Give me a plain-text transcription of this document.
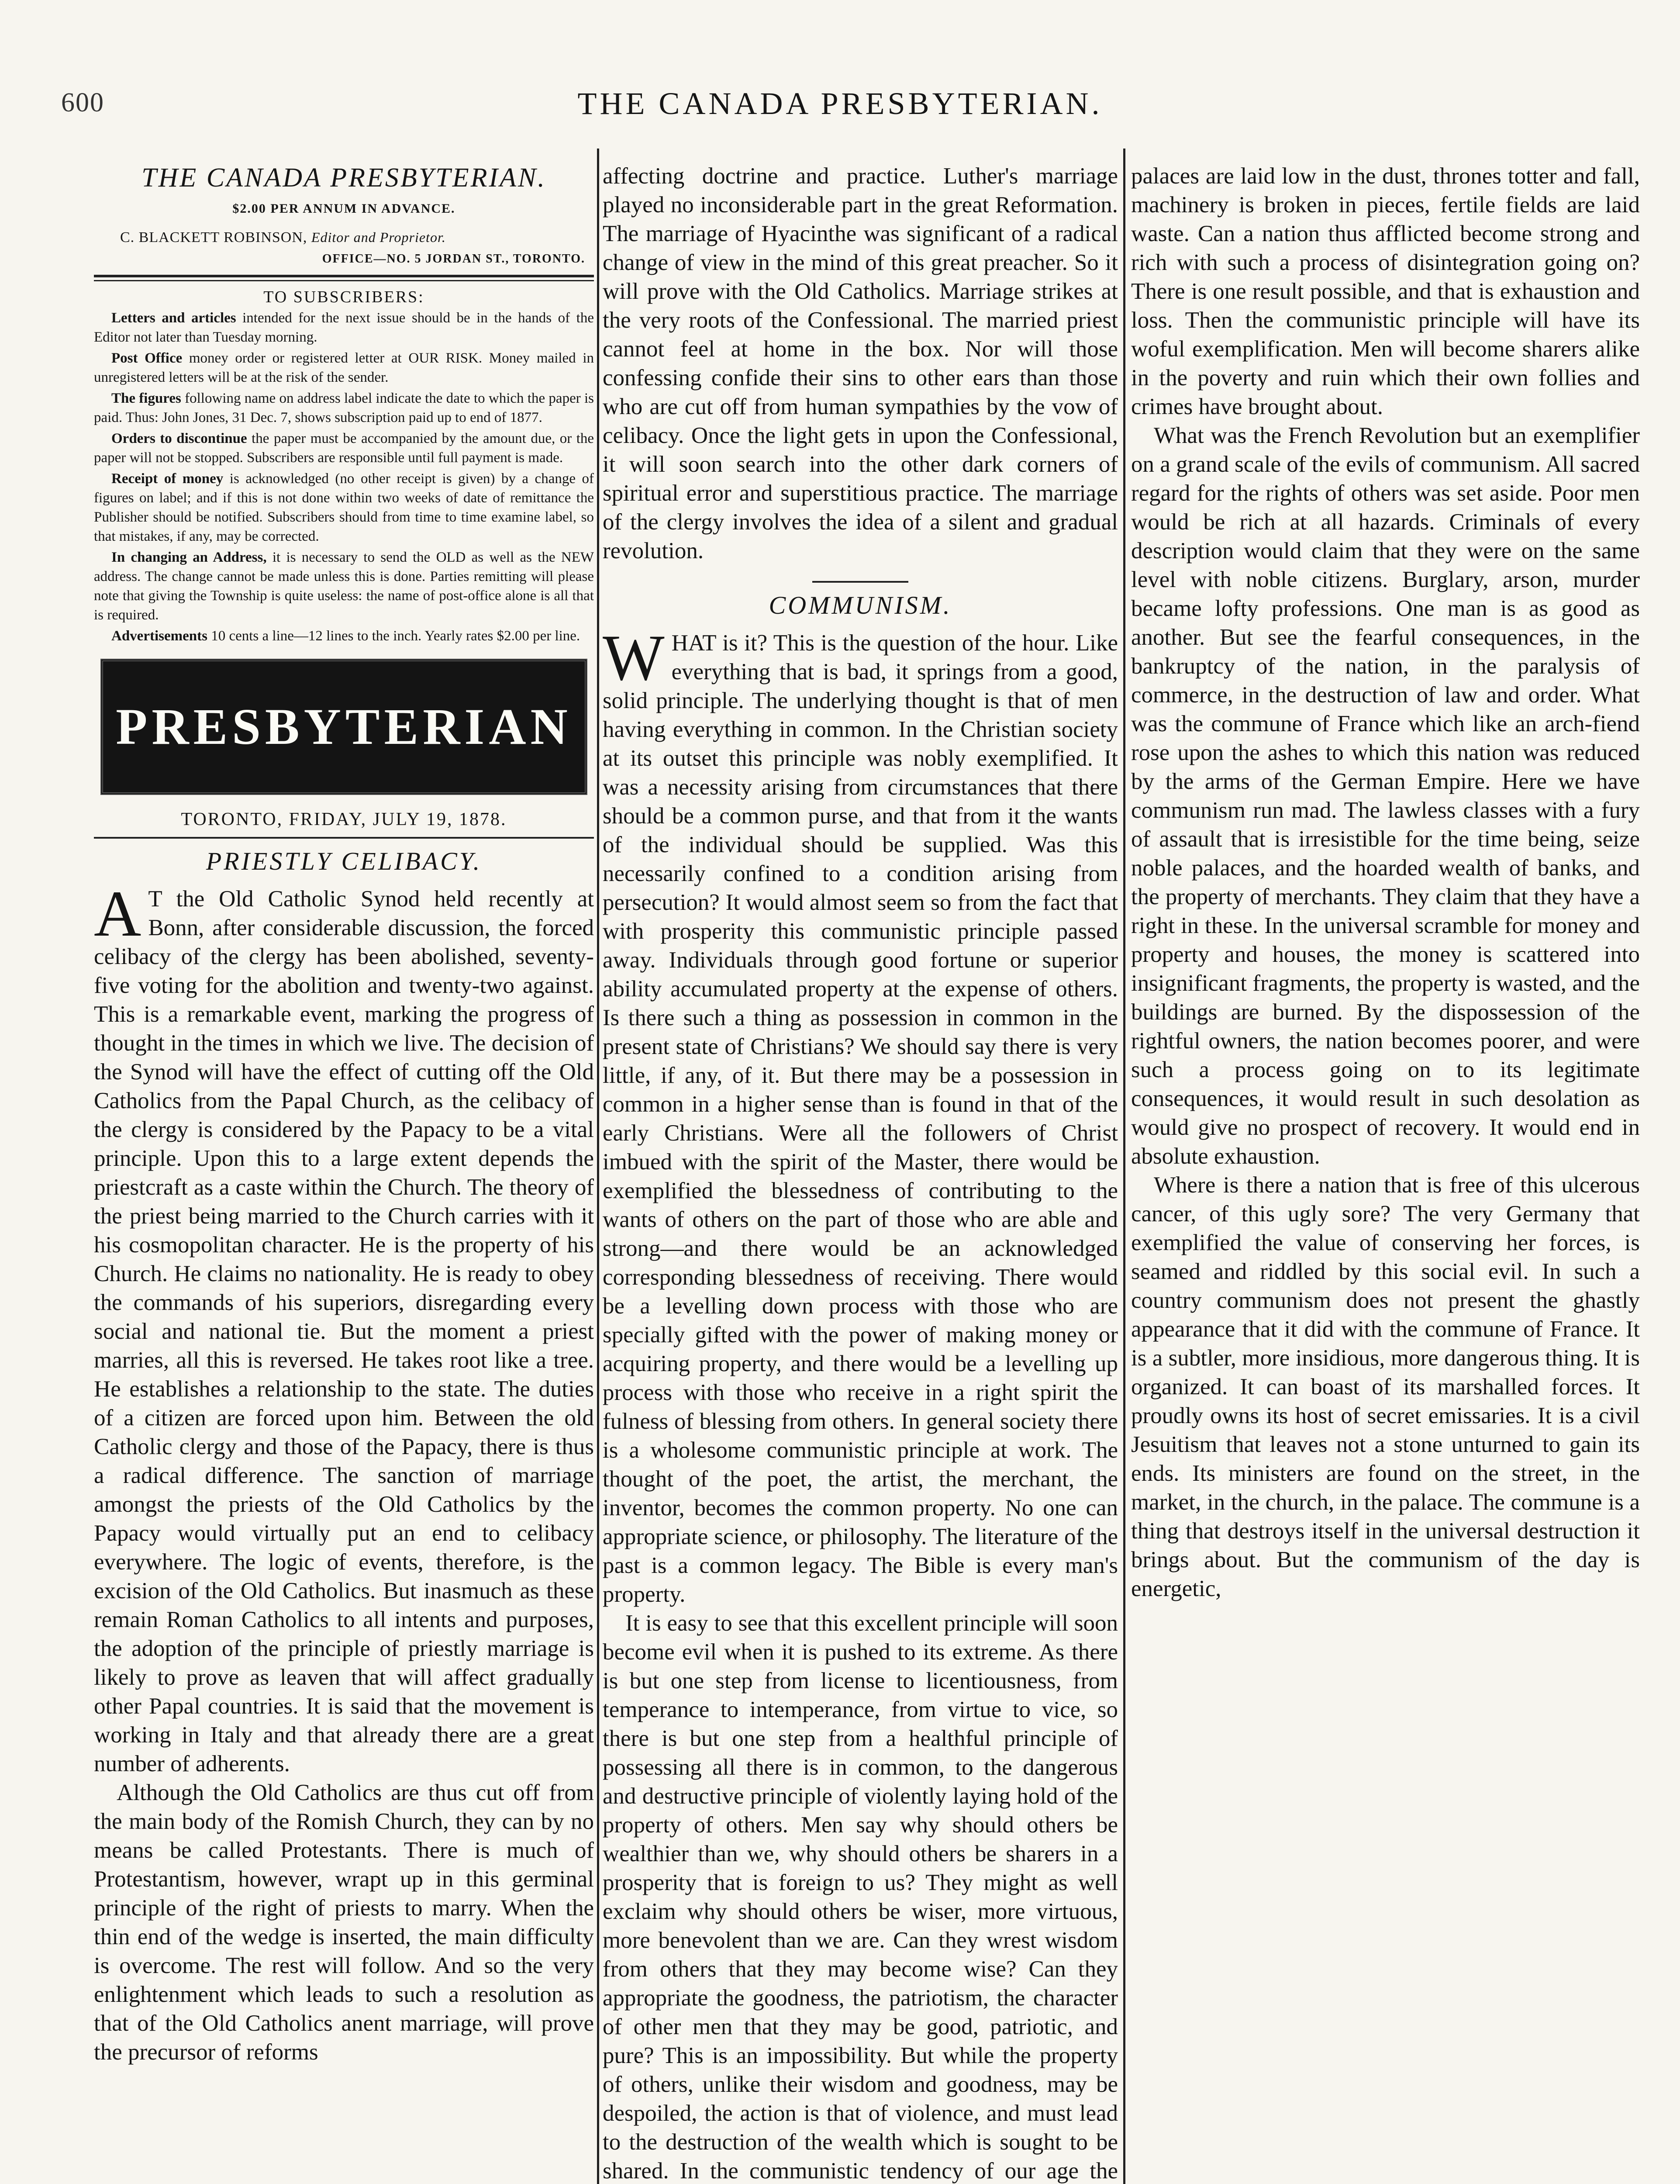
600	THE CANADA PRESBYTERIAN.
THE CANADA PRESBYTERIAN.
$2.00 PER ANNUM IN ADVANCE.
C. BLACKETT ROBINSON, Editor and Proprietor.
OFFICE—NO. 5 JORDAN ST., TORONTO.
TO SUBSCRIBERS:

Letters and articles intended for the next issue should be in the hands of the Editor not later than Tuesday morning.

Post Office money order or registered letter at OUR RISK. Money mailed in unregistered letters will be at the risk of the sender.

The figures following name on address label indicate the date to which the paper is paid. Thus: John Jones, 31 Dec. 7, shows subscription paid up to end of 1877.

Orders to discontinue the paper must be accompanied by the amount due, or the paper will not be stopped. Subscribers are responsible until full payment is made.

Receipt of money is acknowledged (no other receipt is given) by a change of figures on label; and if this is not done within two weeks of date of remittance the Publisher should be notified. Subscribers should from time to time examine label, so that mistakes, if any, may be corrected.

In changing an Address, it is necessary to send the OLD as well as the NEW address. The change cannot be made unless this is done. Parties remitting will please note that giving the Township is quite useless: the name of post-office alone is all that is required.

Advertisements 10 cents a line—12 lines to the inch. Yearly rates $2.00 per line.

PRESBYTERIAN
TORONTO, FRIDAY, JULY 19, 1878.
PRIESTLY CELIBACY.

A T the Old Catholic Synod held recently at Bonn, after considerable discussion, the forced celibacy of the clergy has been abolished, seventy-five voting for the abolition and twenty-two against. This is a remarkable event, marking the progress of thought in the times in which we live. The decision of the Synod will have the effect of cutting off the Old Catholics from the Papal Church, as the celibacy of the clergy is considered by the Papacy to be a vital principle. Upon this to a large extent depends the priestcraft as a caste within the Church. The theory of the priest being married to the Church carries with it his cosmopolitan character. He is the property of his Church. He claims no nationality. He is ready to obey the commands of his superiors, disregarding every social and national tie. But the moment a priest marries, all this is reversed. He takes root like a tree. He establishes a relationship to the state. The duties of a citizen are forced upon him. Between the old Catholic clergy and those of the Papacy, there is thus a radical difference. The sanction of marriage amongst the priests of the Old Catholics by the Papacy would virtually put an end to celibacy everywhere. The logic of events, therefore, is the excision of the Old Catholics. But inasmuch as these remain Roman Catholics to all intents and purposes, the adoption of the principle of priestly marriage is likely to prove as leaven that will affect gradually other Papal countries. It is said that the movement is working in Italy and that already there are a great number of adherents.

Although the Old Catholics are thus cut off from the main body of the Romish Church, they can by no means be called Protestants. There is much of Protestantism, however, wrapt up in this germinal principle of the right of priests to marry. When the thin end of the wedge is inserted, the main difficulty is overcome. The rest will follow. And so the very enlightenment which leads to such a resolution as that of the Old Catholics anent marriage, will prove the precursor of reforms

affecting doctrine and practice. Luther's marriage played no inconsiderable part in the great Reformation. The marriage of Hyacinthe was significant of a radical change of view in the mind of this great preacher. So it will prove with the Old Catholics. Marriage strikes at the very roots of the Confessional. The married priest cannot feel at home in the box. Nor will those confessing confide their sins to other ears than those who are cut off from human sympathies by the vow of celibacy. Once the light gets in upon the Confessional, it will soon search into the other dark corners of spiritual error and superstitious practice. The marriage of the clergy involves the idea of a silent and gradual revolution.

COMMUNISM.

WHAT is it? This is the question of the hour. Like everything that is bad, it springs from a good, solid principle. The underlying thought is that of men having everything in common. In the Christian society at its outset this principle was nobly exemplified. It was a necessity arising from circumstances that there should be a common purse, and that from it the wants of the individual should be supplied. Was this necessarily confined to a condition arising from persecution? It would almost seem so from the fact that with prosperity this communistic principle passed away. Individuals through good fortune or superior ability accumulated property at the expense of others. Is there such a thing as possession in common in the present state of Christians? We should say there is very little, if any, of it. But there may be a possession in common in a higher sense than is found in that of the early Christians. Were all the followers of Christ imbued with the spirit of the Master, there would be exemplified the blessedness of contributing to the wants of others on the part of those who are able and strong—and there would be an acknowledged corresponding blessedness of receiving. There would be a levelling down process with those who are specially gifted with the power of making money or acquiring property, and there would be a levelling up process with those who receive in a right spirit the fulness of blessing from others. In general society there is a wholesome communistic principle at work. The thought of the poet, the artist, the merchant, the inventor, becomes the common property. No one can appropriate science, or philosophy. The literature of the past is a common legacy. The Bible is every man's property.

It is easy to see that this excellent principle will soon become evil when it is pushed to its extreme. As there is but one step from license to licentiousness, from temperance to intemperance, from virtue to vice, so there is but one step from a healthful principle of possessing all there is in common, to the dangerous and destructive principle of violently laying hold of the property of others. Men say why should others be wealthier than we, why should others be sharers in a prosperity that is foreign to us? They might as well exclaim why should others be wiser, more virtuous, more benevolent than we are. Can they wrest wisdom from others that they may become wise? Can they appropriate the goodness, the patriotism, the character of other men that they may be good, patriotic, and pure? This is an impossibility. But while the property of others, unlike their wisdom and goodness, may be despoiled, the action is that of violence, and must lead to the destruction of the wealth which is sought to be shared. In the communistic tendency of our age the

palaces are laid low in the dust, thrones totter and fall, machinery is broken in pieces, fertile fields are laid waste. Can a nation thus afflicted become strong and rich with such a process of disintegration going on? There is one result possible, and that is exhaustion and loss. Then the communistic principle will have its woful exemplification. Men will become sharers alike in the poverty and ruin which their own follies and crimes have brought about.

What was the French Revolution but an exemplifier on a grand scale of the evils of communism. All sacred regard for the rights of others was set aside. Poor men would be rich at all hazards. Criminals of every description would claim that they were on the same level with noble citizens. Burglary, arson, murder became lofty professions. One man is as good as another. But see the fearful consequences, in the bankruptcy of the nation, in the paralysis of commerce, in the destruction of law and order. What was the commune of France which like an arch-fiend rose upon the ashes to which this nation was reduced by the arms of the German Empire. Here we have communism run mad. The lawless classes with a fury of assault that is irresistible for the time being, seize noble palaces, and the hoarded wealth of banks, and the property of merchants. They claim that they have a right in these. In the universal scramble for money and property and houses, the money is scattered into insignificant fragments, the property is wasted, and the buildings are burned. By the dispossession of the rightful owners, the nation becomes poorer, and were such a process going on to its legitimate consequences, it would result in such desolation as would give no prospect of recovery. It would end in absolute exhaustion.

Where is there a nation that is free of this ulcerous cancer, of this ugly sore? The very Germany that exemplified the value of conserving her forces, is seamed and riddled by this social evil. In such a country communism does not present the ghastly appearance that it did with the commune of France. It is a subtler, more insidious, more dangerous thing. It is organized. It can boast of its marshalled forces. It proudly owns its host of secret emissaries. It is a civil Jesuitism that leaves not a stone unturned to gain its ends. Its ministers are found on the street, in the market, in the church, in the palace. The commune is a thing that destroys itself in the universal destruction it brings about. But the communism of the day is energetic,
